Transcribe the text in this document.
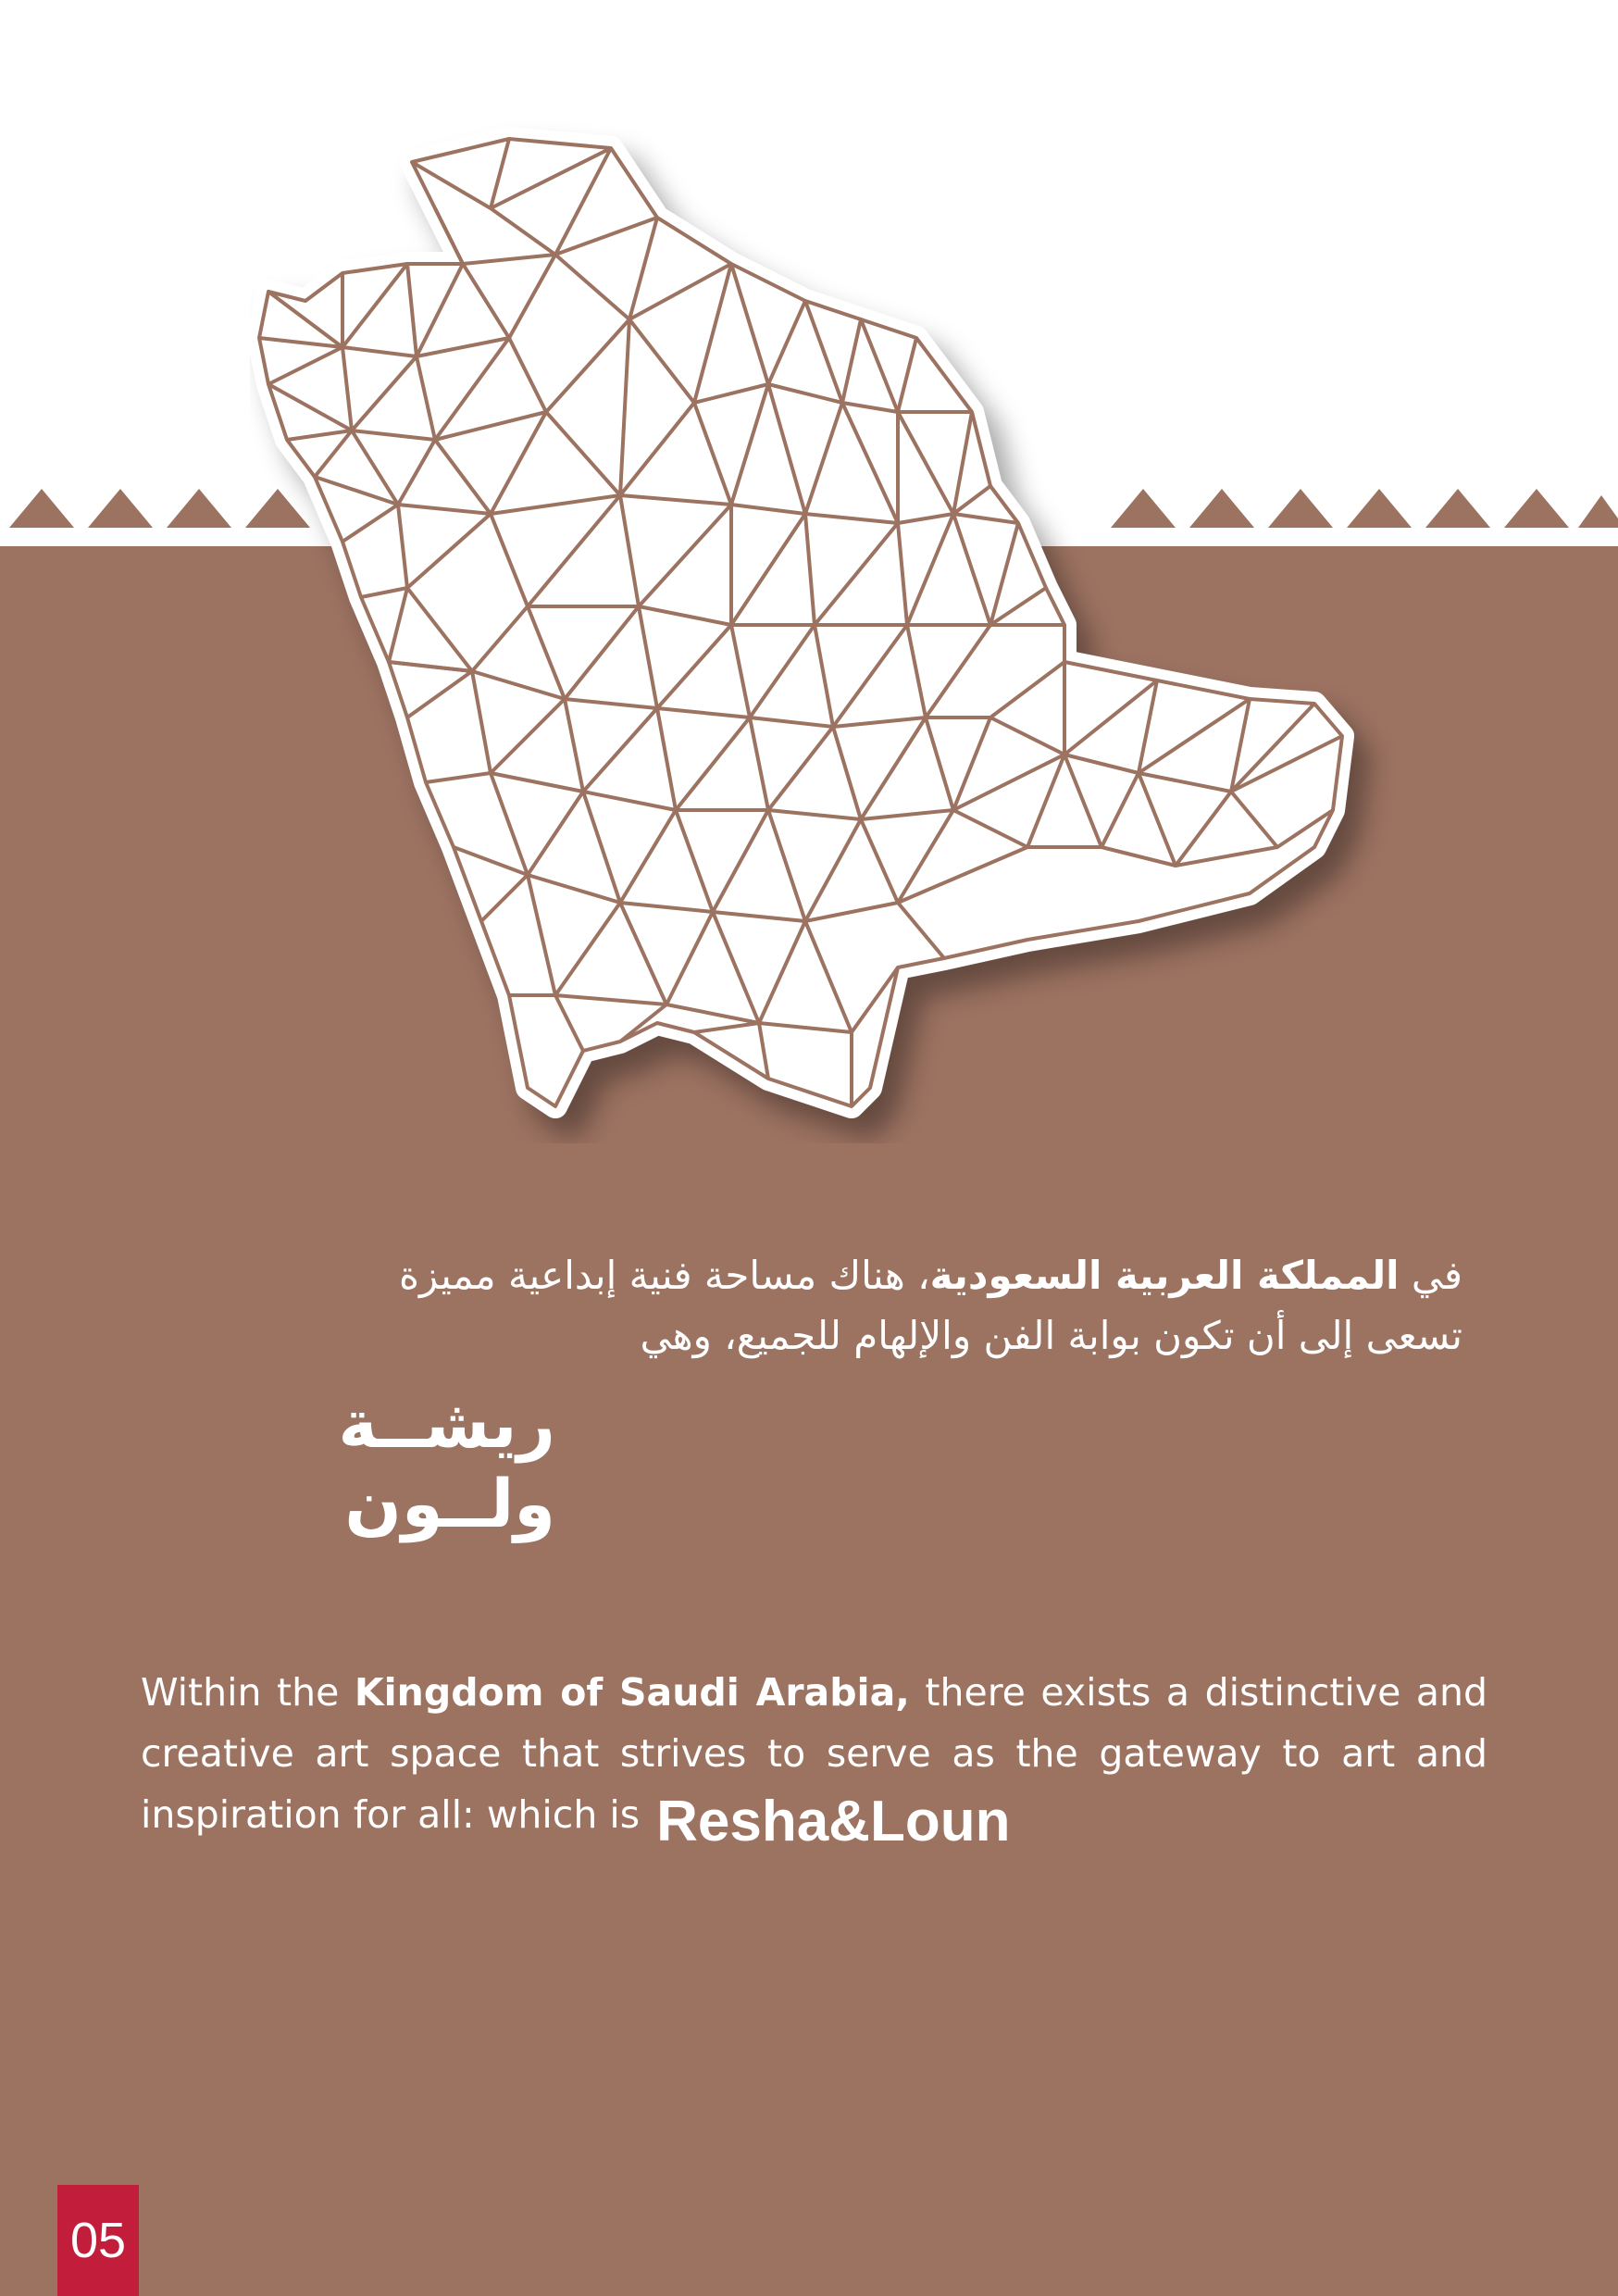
في المملكة العربية السعودية، هناك مساحة فنية إبداعية مميزة
تسعى إلى أن تكون بوابة الفن والإلهام للجميع، وهي
ريشــة ولــون
Within the Kingdom of Saudi Arabia, there exists a distinctive and creative art space that strives to serve as the gateway to art and inspiration for all: which is Resha&Loun
05
